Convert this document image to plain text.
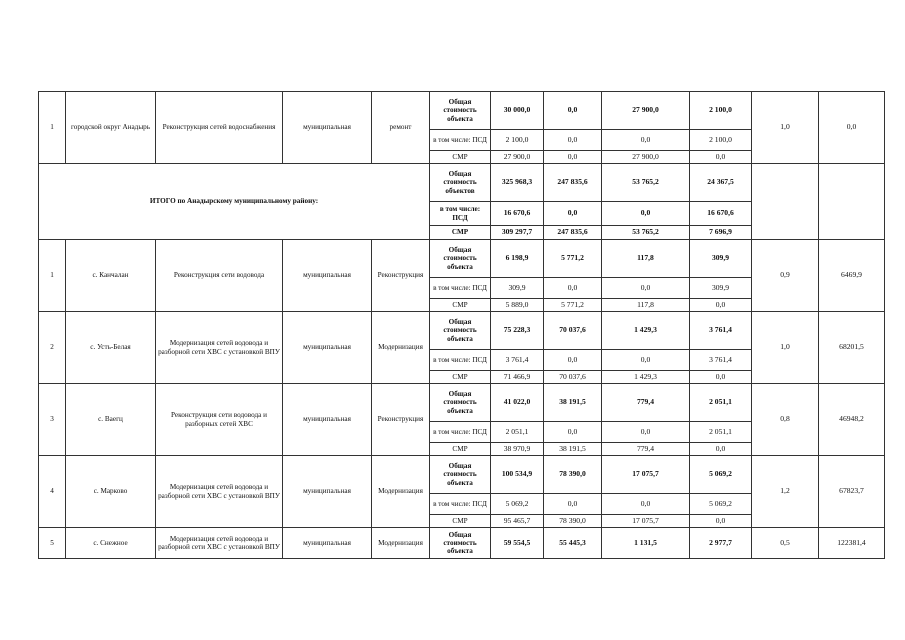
1	городской округ Анадырь	Реконструкция сетей водоснабжения	муниципальная	ремонт	Общая стоимость объекта	30 000,0	0,0	27 900,0	2 100,0	1,0	0,0
					в том числе: ПСД	2 100,0	0,0	0,0	2 100,0		
					СМР	27 900,0	0,0	27 900,0	0,0		
ИТОГО по Анадырскому муниципальному району:					Общая стоимость объектов	325 968,3	247 835,6	53 765,2	24 367,5		
					в том числе: ПСД	16 670,6	0,0	0,0	16 670,6		
					СМР	309 297,7	247 835,6	53 765,2	7 696,9		
1	с. Канчалан	Реконструкция сети водовода	муниципальная	Реконструкция	Общая стоимость объекта	6 198,9	5 771,2	117,8	309,9	0,9	6469,9
					в том числе: ПСД	309,9	0,0	0,0	309,9		
					СМР	5 889,0	5 771,2	117,8	0,0		
2	с. Усть-Белая	Модернизация сетей водовода и разборной сети ХВС с установкой ВПУ	муниципальная	Модернизация	Общая стоимость объекта	75 228,3	70 037,6	1 429,3	3 761,4	1,0	68201,5
					в том числе: ПСД	3 761,4	0,0	0,0	3 761,4		
					СМР	71 466,9	70 037,6	1 429,3	0,0		
3	с. Ваегц	Реконструкция сети водовода и разборных сетей ХВС	муниципальная	Реконструкция	Общая стоимость объекта	41 022,0	38 191,5	779,4	2 051,1	0,8	46948,2
					в том числе: ПСД	2 051,1	0,0	0,0	2 051,1		
					СМР	38 970,9	38 191,5	779,4	0,0		
4	с. Марково	Модернизация сетей водовода и разборной сети ХВС с установкой ВПУ	муниципальная	Модернизация	Общая стоимость объекта	100 534,9	78 390,0	17 075,7	5 069,2	1,2	67823,7
					в том числе: ПСД	5 069,2	0,0	0,0	5 069,2		
					СМР	95 465,7	78 390,0	17 075,7	0,0		
5	с. Снежное	Модернизация сетей водовода и разборной сети ХВС с установкой ВПУ	муниципальная	Модернизация	Общая стоимость объекта	59 554,5	55 445,3	1 131,5	2 977,7	0,5	122381,4
